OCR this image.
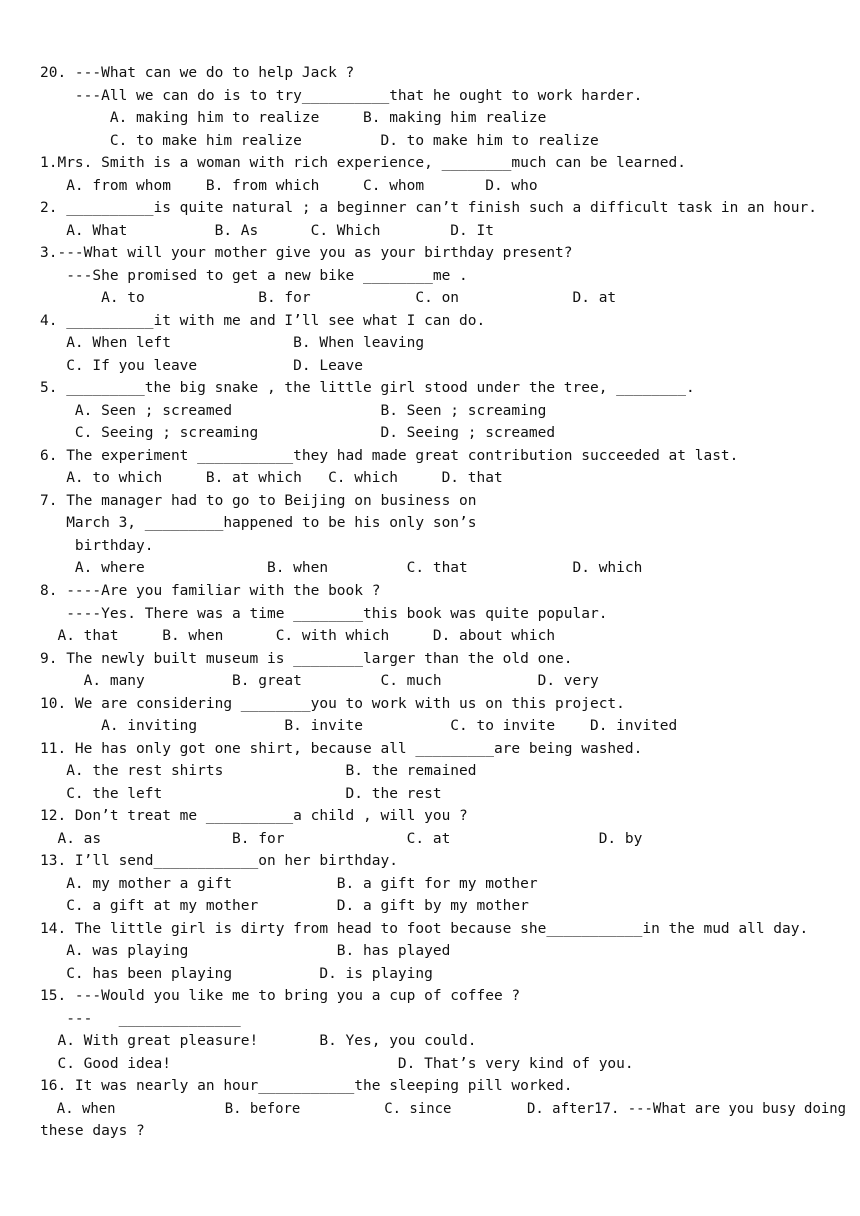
20. ---What can we do to help Jack ?
---All we can do is to try__________that he ought to work harder.
A. making him to realize     B. making him realize
C. to make him realize         D. to make him to realize
1.Mrs. Smith is a woman with rich experience, ________much can be learned.
A. from whom    B. from which     C. whom       D. who
2. __________is quite natural ; a beginner can’t finish such a difficult task in an hour.
A. What          B. As      C. Which        D. It
3.---What will your mother give you as your birthday present?
---She promised to get a new bike ________me .
A. to             B. for            C. on             D. at
4. __________it with me and I’ll see what I can do.
A. When left              B. When leaving
C. If you leave           D. Leave
5. _________the big snake , the little girl stood under the tree, ________.
A. Seen ; screamed                 B. Seen ; screaming
C. Seeing ; screaming              D. Seeing ; screamed
6. The experiment ___________they had made great contribution succeeded at last.
A. to which     B. at which   C. which     D. that
7. The manager had to go to Beijing on business on
March 3, _________happened to be his only son’s
birthday.
A. where              B. when         C. that            D. which
8. ----Are you familiar with the book ?
----Yes. There was a time ________this book was quite popular.
A. that     B. when      C. with which     D. about which
9. The newly built museum is ________larger than the old one.
A. many          B. great         C. much           D. very
10. We are considering ________you to work with us on this project.
A. inviting          B. invite          C. to invite    D. invited
11. He has only got one shirt, because all _________are being washed.
A. the rest shirts              B. the remained
C. the left                     D. the rest
12. Don’t treat me __________a child , will you ?
A. as               B. for              C. at                 D. by
13. I’ll send____________on her birthday.
A. my mother a gift            B. a gift for my mother
C. a gift at my mother         D. a gift by my mother
14. The little girl is dirty from head to foot because she___________in the mud all day.
A. was playing                 B. has played
C. has been playing          D. is playing
15. ---Would you like me to bring you a cup of coffee ?
---   ______________
A. With great pleasure!       B. Yes, you could.
C. Good idea!                          D. That’s very kind of you.
16. It was nearly an hour___________the sleeping pill worked.
A. when             B. before          C. since         D. after17. ---What are you busy doing
these days ?
